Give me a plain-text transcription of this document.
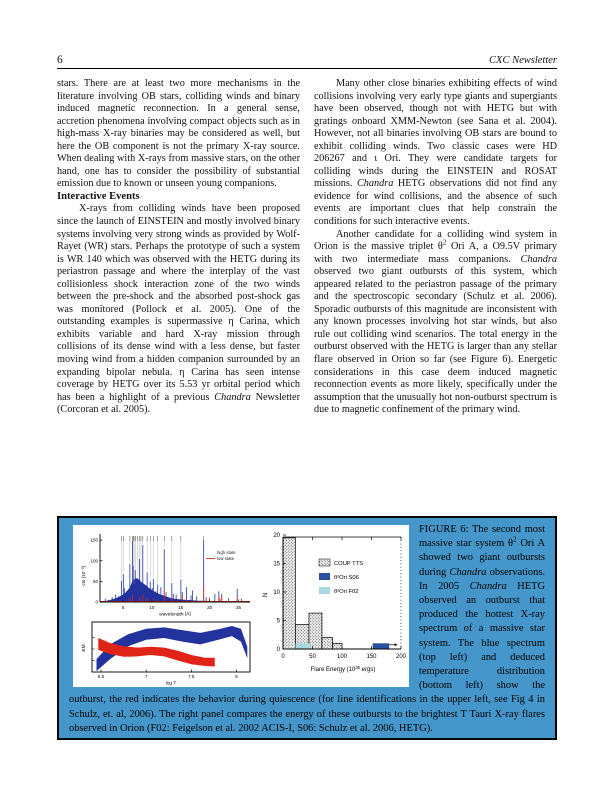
6	CXC Newsletter

stars. There are at least two more mechanisms in the literature involving OB stars, colliding winds and binary induced magnetic reconnection. In a general sense, accretion phenomena involving compact objects such as in high-mass X-ray binaries may be considered as well, but here the OB component is not the primary X-ray source. When dealing with X-rays from massive stars, on the other hand, one has to consider the possibility of substantial emission due to known or unseen young companions.

Interactive Events

X-rays from colliding winds have been proposed since the launch of EINSTEIN and mostly involved binary systems involving very strong winds as provided by Wolf-Rayet (WR) stars. Perhaps the prototype of such a system is WR 140 which was observed with the HETG during its periastron passage and where the interplay of the vast collisionless shock interaction zone of the two winds between the pre-shock and the absorbed post-shock gas was monitored (Pollock et al. 2005). One of the outstanding examples is supermassive η Carina, which exhibits variable and hard X-ray mission through collisions of its dense wind with a less dense, but faster moving wind from a hidden companion surrounded by an expanding bipolar nebula. η Carina has seen intense coverage by HETG over its 5.53 yr orbital period which has been a highlight of a previous Chandra Newsletter (Corcoran et al. 2005).

Many other close binaries exhibiting effects of wind collisions involving very early type giants and supergiants have been observed, though not with HETG but with gratings onboard XMM-Newton (see Sana et al. 2004). However, not all binaries involving OB stars are bound to exhibit colliding winds. Two classic cases were HD 206267 and ι Ori. They were candidate targets for colliding winds during the EINSTEIN and ROSAT missions. Chandra HETG observations did not find any evidence for wind collisions, and the absence of such events are important clues that help constrain the conditions for such interactive events.

Another candidate for a colliding wind system in Orion is the massive triplet $\theta^2$ Ori A, a O9.5V primary with two intermediate mass companions. Chandra observed two giant outbursts of this system, which appeared related to the periastron passage of the primary and the spectroscopic secondary (Schulz et al. 2006). Sporadic outbursts of this magnitude are inconsistent with any known processes involving hot star winds, but also rule out colliding wind scenarios. The total energy in the outburst observed with the HETG is larger than any stellar flare observed in Orion so far (see Figure 6). Energetic considerations in this case deem induced magnetic reconnection events as more likely, specifically under the assumption that the unusually hot non-outburst spectrum is due to magnetic confinement of the primary wind.

5	10	15	20	25
0
50
100
150
wavelength [Å]
cts [10⁻³]
high state
low state
6.5	7	7.5	8
log T
EM
0	50	100	150	200
0
5
10
15
20
Flare Energy ($10^{35}$ ergs)
N
COUP TTS
θ²Ori S06
θ²Ori F02

FIGURE 6: The second most massive star system $\theta^2$ Ori A showed two giant outbursts during Chandra observations. In 2005 Chandra HETG observed an outburst that produced the hottest X-ray spectrum of a massive star system. The blue spectrum (top left) and deduced temperature distribution (bottom left) show the outburst, the red indicates the behavior during quiescence (for line identifications in the upper left, see Fig 4 in Schulz, et. al, 2006). The right panel compares the energy of these outbursts to the brightest T Tauri X-ray flares observed in Orion (F02: Feigelson et al. 2002 ACIS-I, S06: Schulz et al. 2006, HETG).
